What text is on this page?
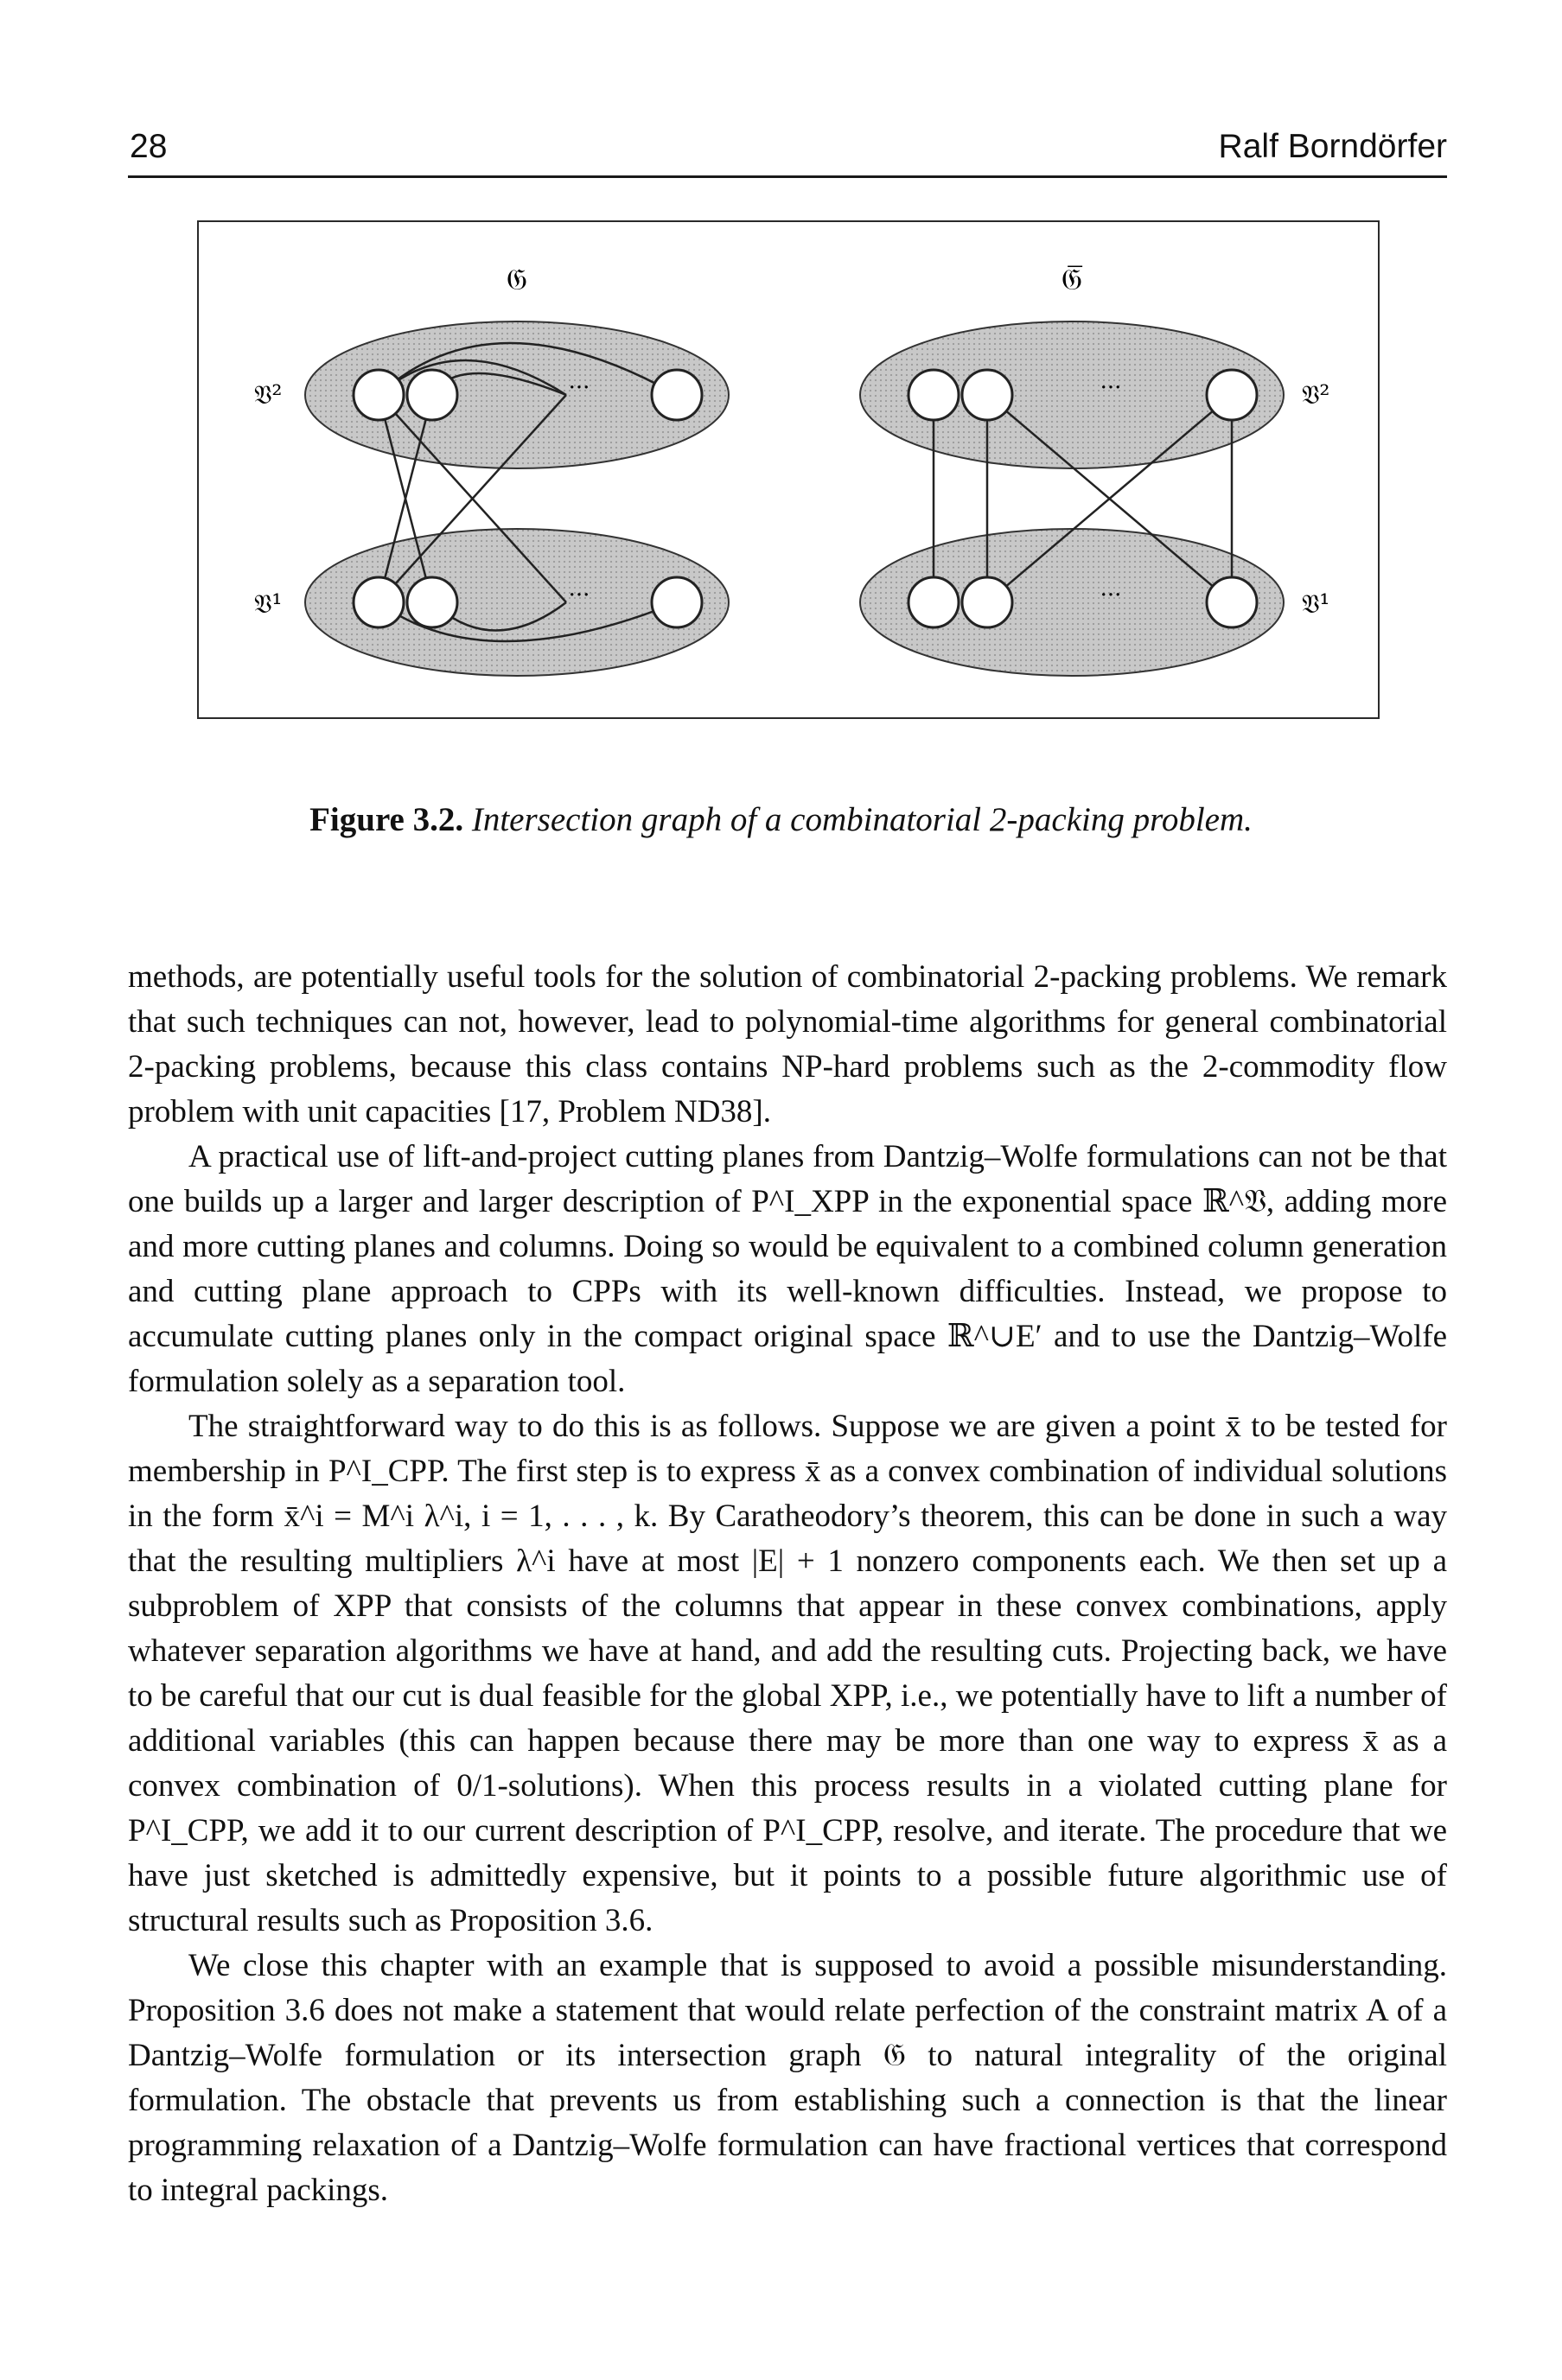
28	Ralf Borndörfer
𝔊	𝔊̅
𝔙²
𝔙¹
𝔙²
𝔙¹
···
···
···
···
Figure 3.2. Intersection graph of a combinatorial 2-packing problem.

methods, are potentially useful tools for the solution of combinatorial 2-packing problems. We remark that such techniques can not, however, lead to polynomial-time algorithms for general combinatorial 2-packing problems, because this class contains NP-hard problems such as the 2-commodity flow problem with unit capacities [17, Problem ND38].

A practical use of lift-and-project cutting planes from Dantzig–Wolfe formulations can not be that one builds up a larger and larger description of P^I_XPP in the exponential space ℝ^𝔙, adding more and more cutting planes and columns. Doing so would be equivalent to a combined column generation and cutting plane approach to CPPs with its well-known difficulties. Instead, we propose to accumulate cutting planes only in the compact original space ℝ^∪E′ and to use the Dantzig–Wolfe formulation solely as a separation tool.

The straightforward way to do this is as follows. Suppose we are given a point x̄ to be tested for membership in P^I_CPP. The first step is to express x̄ as a convex combination of individual solutions in the form x̄^i = M^i λ^i, i = 1, . . . , k. By Caratheodory’s theorem, this can be done in such a way that the resulting multipliers λ^i have at most |E| + 1 nonzero components each. We then set up a subproblem of XPP that consists of the columns that appear in these convex combinations, apply whatever separation algorithms we have at hand, and add the resulting cuts. Projecting back, we have to be careful that our cut is dual feasible for the global XPP, i.e., we potentially have to lift a number of additional variables (this can happen because there may be more than one way to express x̄ as a convex combination of 0/1-solutions). When this process results in a violated cutting plane for P^I_CPP, we add it to our current description of P^I_CPP, resolve, and iterate. The procedure that we have just sketched is admittedly expensive, but it points to a possible future algorithmic use of structural results such as Proposition 3.6.

We close this chapter with an example that is supposed to avoid a possible misunderstanding. Proposition 3.6 does not make a statement that would relate perfection of the constraint matrix A of a Dantzig–Wolfe formulation or its intersection graph 𝔊 to natural integrality of the original formulation. The obstacle that prevents us from establishing such a connection is that the linear programming relaxation of a Dantzig–Wolfe formulation can have fractional vertices that correspond to integral packings.
